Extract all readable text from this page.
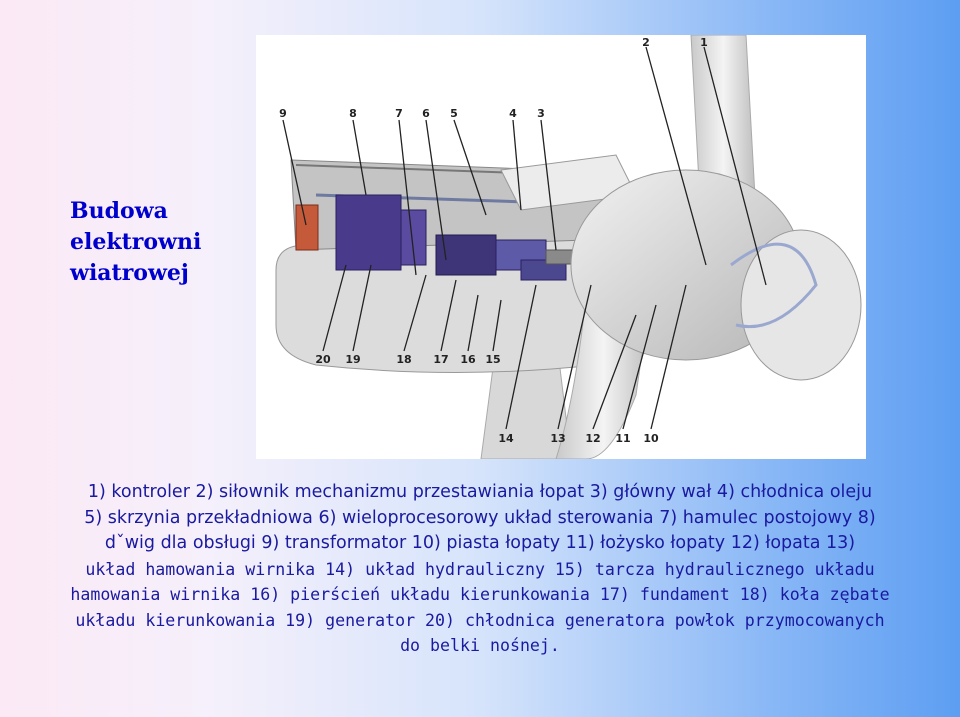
Budowa
elektrowni
wiatrowej
9	8	7 6 5	4 3
2	1
20 19	18 17 16 15
14	13 12 11 10
1) kontroler 2) siłownik mechanizmu przestawiania łopat 3) główny wał 4) chłodnica oleju
5) skrzynia przekładniowa 6) wieloprocesorowy układ sterowania 7) hamulec postojowy 8)
dˇwig dla obsługi 9) transformator 10) piasta łopaty 11) łożysko łopaty 12) łopata 13)
układ hamowania wirnika 14) układ hydrauliczny 15) tarcza hydraulicznego układu
hamowania wirnika 16) pierścień układu kierunkowania 17) fundament 18) koła zębate
układu kierunkowania 19) generator 20) chłodnica generatora powłok przymocowanych
do belki nośnej.
